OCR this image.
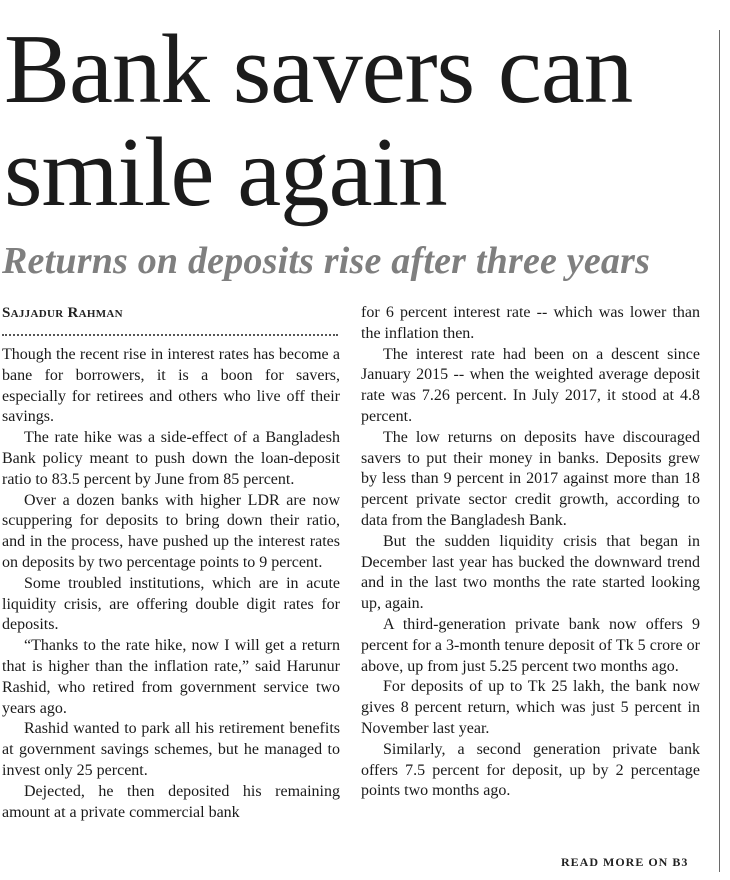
Bank savers can smile again
Returns on deposits rise after three years
Sajjadur Rahman

Though the recent rise in interest rates has become a bane for borrowers, it is a boon for savers, especially for retirees and others who live off their savings.

The rate hike was a side-effect of a Bangladesh Bank policy meant to push down the loan-deposit ratio to 83.5 percent by June from 85 percent.

Over a dozen banks with higher LDR are now scuppering for deposits to bring down their ratio, and in the process, have pushed up the interest rates on deposits by two percentage points to 9 percent.

Some troubled institutions, which are in acute liquidity crisis, are offering double digit rates for deposits.

“Thanks to the rate hike, now I will get a return that is higher than the inflation rate,” said Harunur Rashid, who retired from government service two years ago.

Rashid wanted to park all his retirement benefits at government savings schemes, but he managed to invest only 25 percent.

Dejected, he then deposited his remaining amount at a private commercial bank

for 6 percent interest rate -- which was lower than the inflation then.

The interest rate had been on a descent since January 2015 -- when the weighted average deposit rate was 7.26 percent. In July 2017, it stood at 4.8 percent.

The low returns on deposits have discouraged savers to put their money in banks. Deposits grew by less than 9 percent in 2017 against more than 18 percent private sector credit growth, according to data from the Bangladesh Bank.

But the sudden liquidity crisis that began in December last year has bucked the downward trend and in the last two months the rate started looking up, again.

A third-generation private bank now offers 9 percent for a 3-month tenure deposit of Tk 5 crore or above, up from just 5.25 percent two months ago.

For deposits of up to Tk 25 lakh, the bank now gives 8 percent return, which was just 5 percent in November last year.

Similarly, a second generation private bank offers 7.5 percent for deposit, up by 2 percentage points two months ago.

READ MORE ON B3
